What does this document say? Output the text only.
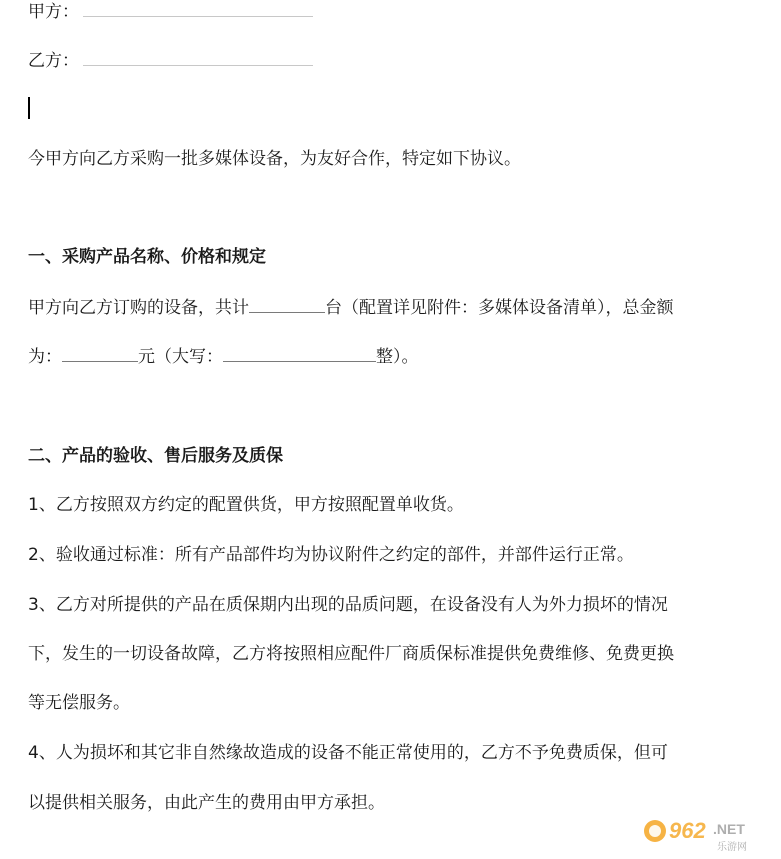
甲方：
乙方：
今甲方向乙方采购一批多媒体设备，为友好合作，特定如下协议。
一、采购产品名称、价格和规定
甲方向乙方订购的设备，共计	台（配置详见附件：多媒体设备清单），总金额
为：	元（大写：	整）。
二、产品的验收、售后服务及质保
1、乙方按照双方约定的配置供货，甲方按照配置单收货。
2、验收通过标准：所有产品部件均为协议附件之约定的部件，并部件运行正常。
3、乙方对所提供的产品在质保期内出现的品质问题，在设备没有人为外力损坏的情况
下，发生的一切设备故障，乙方将按照相应配件厂商质保标准提供免费维修、免费更换
等无偿服务。
4、人为损坏和其它非自然缘故造成的设备不能正常使用的，乙方不予免费质保，但可
以提供相关服务，由此产生的费用由甲方承担。
962 .NET
乐游网
